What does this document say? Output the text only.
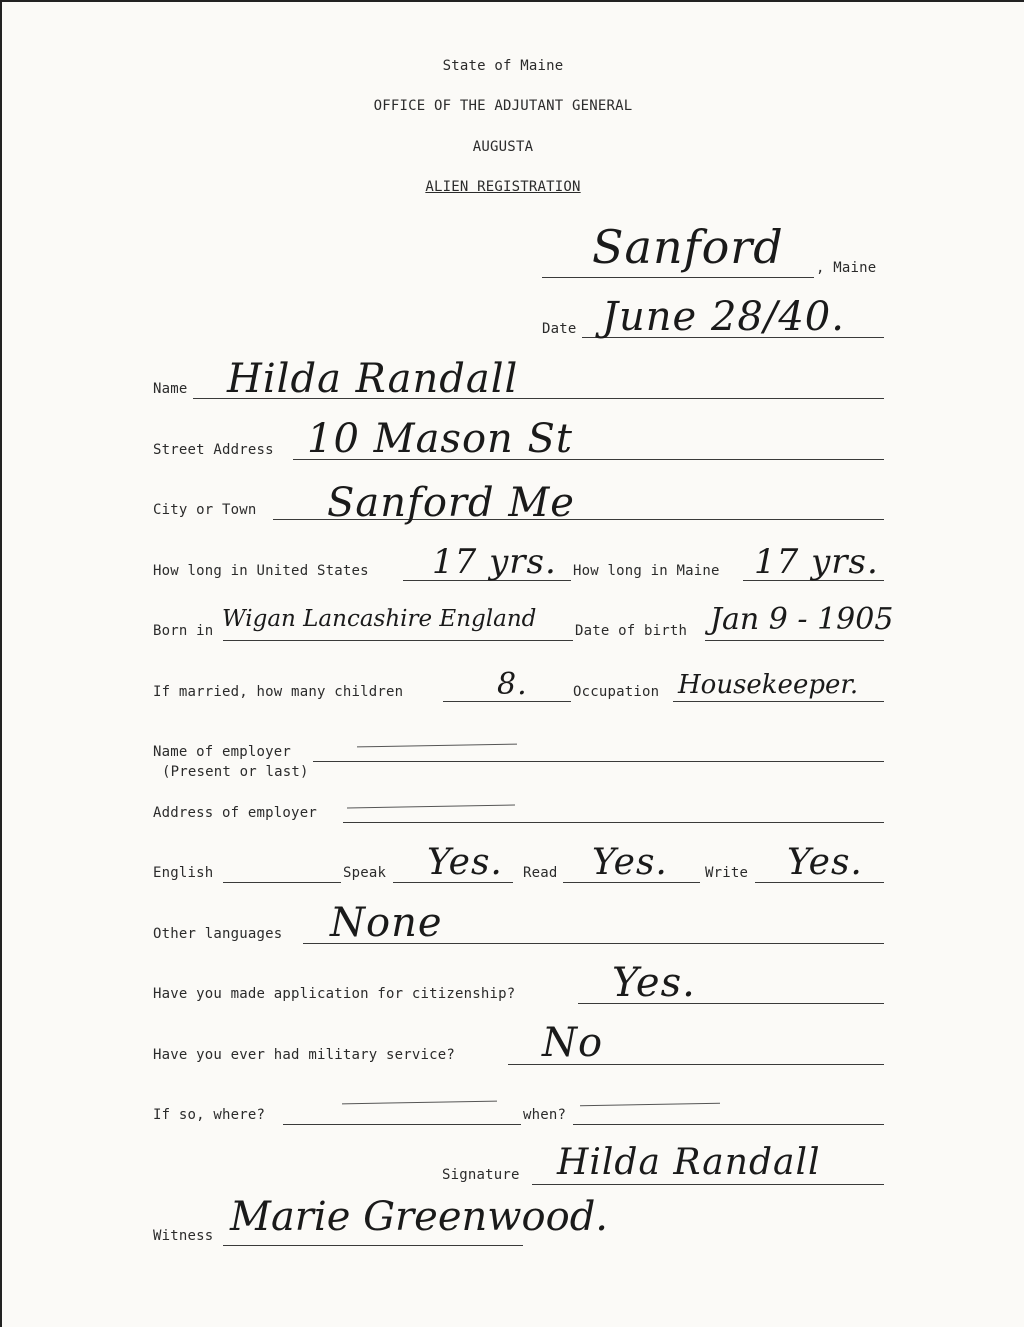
State of Maine
OFFICE OF THE ADJUTANT GENERAL
AUGUSTA
ALIEN REGISTRATION
Sanford , Maine
Date June 28/40.
Name Hilda Randall
Street Address 10 Mason St
City or Town Sanford Me
How long in United States 17 yrs. How long in Maine 17 yrs.
Born in Wigan Lancashire England	Date of birth Jan 9 - 1905
If married, how many children	8.	Occupation Housekeeper.
Name of employer
(Present or last)
Address of employer
English	Speak Yes. Read Yes.	Write Yes.
Other languages None
Have you made application for citizenship? Yes.
Have you ever had military service? No
If so, where?	when?
Signature Hilda Randall
Witness Marie Greenwood.
